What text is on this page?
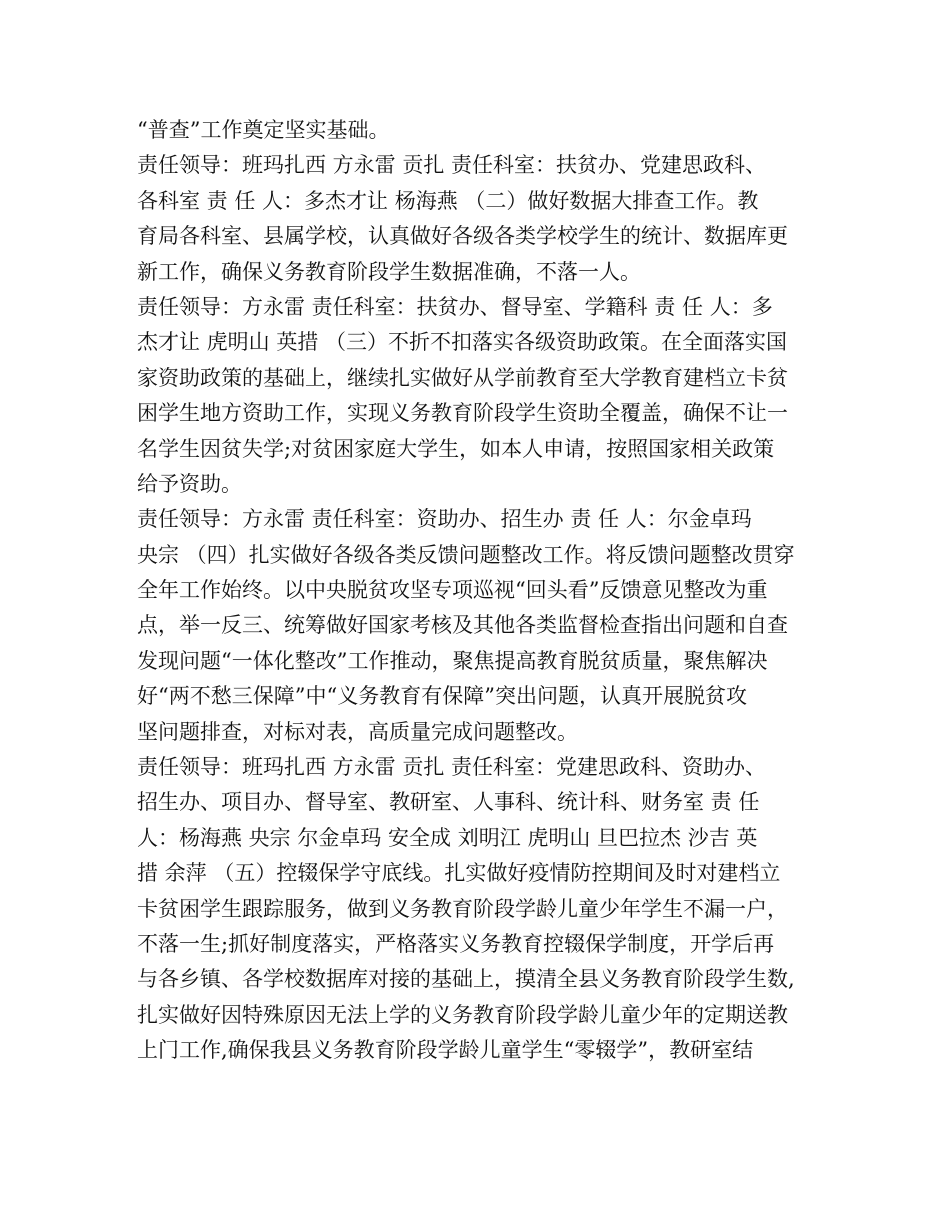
“普查”工作奠定坚实基础。
责任领导：班玛扎西 方永雷 贡扎 责任科室：扶贫办、党建思政科、
各科室 责 任 人：多杰才让 杨海燕 （二）做好数据大排查工作。教
育局各科室、县属学校，认真做好各级各类学校学生的统计、数据库更
新工作，确保义务教育阶段学生数据准确，不落一人。
责任领导：方永雷 责任科室：扶贫办、督导室、学籍科 责 任 人：多
杰才让 虎明山 英措 （三）不折不扣落实各级资助政策。在全面落实国
家资助政策的基础上，继续扎实做好从学前教育至大学教育建档立卡贫
困学生地方资助工作，实现义务教育阶段学生资助全覆盖，确保不让一
名学生因贫失学;对贫困家庭大学生，如本人申请，按照国家相关政策
给予资助。
责任领导：方永雷 责任科室：资助办、招生办 责 任 人：尔金卓玛
央宗 （四）扎实做好各级各类反馈问题整改工作。将反馈问题整改贯穿
全年工作始终。以中央脱贫攻坚专项巡视“回头看”反馈意见整改为重
点，举一反三、统筹做好国家考核及其他各类监督检查指出问题和自查
发现问题“一体化整改”工作推动，聚焦提高教育脱贫质量，聚焦解决
好“两不愁三保障”中“义务教育有保障”突出问题，认真开展脱贫攻
坚问题排查，对标对表，高质量完成问题整改。
责任领导：班玛扎西 方永雷 贡扎 责任科室：党建思政科、资助办、
招生办、项目办、督导室、教研室、人事科、统计科、财务室 责 任
人：杨海燕 央宗 尔金卓玛 安全成 刘明江 虎明山 旦巴拉杰 沙吉 英
措 余萍 （五）控辍保学守底线。扎实做好疫情防控期间及时对建档立
卡贫困学生跟踪服务，做到义务教育阶段学龄儿童少年学生不漏一户，
不落一生;抓好制度落实，严格落实义务教育控辍保学制度，开学后再
与各乡镇、各学校数据库对接的基础上，摸清全县义务教育阶段学生数,
扎实做好因特殊原因无法上学的义务教育阶段学龄儿童少年的定期送教
上门工作,确保我县义务教育阶段学龄儿童学生“零辍学”，教研室结
